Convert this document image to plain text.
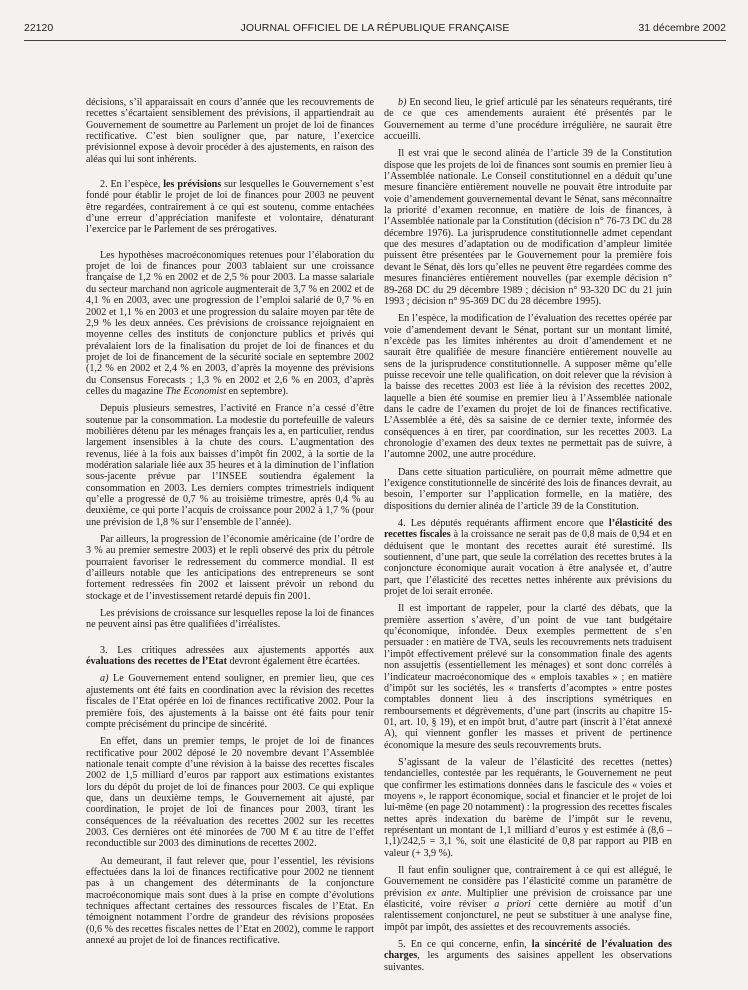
22120	JOURNAL OFFICIEL DE LA RÉPUBLIQUE FRANÇAISE	31 décembre 2002

décisions, s’il apparaissait en cours d’année que les recouvrements de recettes s’écartaient sensiblement des prévisions, il appartiendrait au Gouvernement de soumettre au Parlement un projet de loi de finances rectificative. C’est bien souligner que, par nature, l’exercice prévisionnel expose à devoir procéder à des ajustements, en raison des aléas qui lui sont inhérents.

2. En l’espèce, les prévisions sur lesquelles le Gouvernement s’est fondé pour établir le projet de loi de finances pour 2003 ne peuvent être regardées, contrairement à ce qui est soutenu, comme entachées d’une erreur d’appréciation manifeste et volontaire, dénaturant l’exercice par le Parlement de ses prérogatives.

Les hypothèses macroéconomiques retenues pour l’élaboration du projet de loi de finances pour 2003 tablaient sur une croissance française de 1,2 % en 2002 et de 2,5 % pour 2003. La masse salariale du secteur marchand non agricole augmenterait de 3,7 % en 2002 et de 4,1 % en 2003, avec une progression de l’emploi salarié de 0,7 % en 2002 et 1,1 % en 2003 et une progression du salaire moyen par tête de 2,9 % les deux années. Ces prévisions de croissance rejoignaient en moyenne celles des instituts de conjoncture publics et privés qui prévalaient lors de la finalisation du projet de loi de finances et du projet de loi de financement de la sécurité sociale en septembre 2002 (1,2 % en 2002 et 2,4 % en 2003, d’après la moyenne des prévisions du Consensus Forecasts ; 1,3 % en 2002 et 2,6 % en 2003, d’après celles du magazine The Economist en septembre).

Depuis plusieurs semestres, l’activité en France n’a cessé d’être soutenue par la consommation. La modestie du portefeuille de valeurs mobilières détenu par les ménages français les a, en particulier, rendus largement insensibles à la chute des cours. L’augmentation des revenus, liée à la fois aux baisses d’impôt fin 2002, à la sortie de la modération salariale liée aux 35 heures et à la diminution de l’inflation sous-jacente prévue par l’INSEE soutiendra également la consommation en 2003. Les derniers comptes trimestriels indiquent qu’elle a progressé de 0,7 % au troisième trimestre, après 0,4 % au deuxième, ce qui porte l’acquis de croissance pour 2002 à 1,7 % (pour une prévision de 1,8 % sur l’ensemble de l’année).

Par ailleurs, la progression de l’économie américaine (de l’ordre de 3 % au premier semestre 2003) et le repli observé des prix du pétrole pourraient favoriser le redressement du commerce mondial. Il est d’ailleurs notable que les anticipations des entrepreneurs se sont fortement redressées fin 2002 et laissent prévoir un rebond du stockage et de l’investissement retardé depuis fin 2001.

Les prévisions de croissance sur lesquelles repose la loi de finances ne peuvent ainsi pas être qualifiées d’irréalistes.

3. Les critiques adressées aux ajustements apportés aux évaluations des recettes de l’Etat devront également être écartées.

a) Le Gouvernement entend souligner, en premier lieu, que ces ajustements ont été faits en coordination avec la révision des recettes fiscales de l’Etat opérée en loi de finances rectificative 2002. Pour la première fois, des ajustements à la baisse ont été faits pour tenir compte précisément du principe de sincérité.

En effet, dans un premier temps, le projet de loi de finances rectificative pour 2002 déposé le 20 novembre devant l’Assemblée nationale tenait compte d’une révision à la baisse des recettes fiscales 2002 de 1,5 milliard d’euros par rapport aux estimations existantes lors du dépôt du projet de loi de finances pour 2003. Ce qui explique que, dans un deuxième temps, le Gouvernement ait ajusté, par coordination, le projet de loi de finances pour 2003, tirant les conséquences de la réévaluation des recettes 2002 sur les recettes 2003. Ces dernières ont été minorées de 700 M € au titre de l’effet reconductible sur 2003 des diminutions de recettes 2002.

Au demeurant, il faut relever que, pour l’essentiel, les révisions effectuées dans la loi de finances rectificative pour 2002 ne tiennent pas à un changement des déterminants de la conjoncture macroéconomique mais sont dues à la prise en compte d’évolutions techniques affectant certaines des ressources fiscales de l’Etat. En témoignent notamment l’ordre de grandeur des révisions proposées (0,6 % des recettes fiscales nettes de l’Etat en 2002), comme le rapport annexé au projet de loi de finances rectificative.

b) En second lieu, le grief articulé par les sénateurs requérants, tiré de ce que ces amendements auraient été présentés par le Gouvernement au terme d’une procédure irrégulière, ne saurait être accueilli.

Il est vrai que le second alinéa de l’article 39 de la Constitution dispose que les projets de loi de finances sont soumis en premier lieu à l’Assemblée nationale. Le Conseil constitutionnel en a déduit qu’une mesure financière entièrement nouvelle ne pouvait être introduite par voie d’amendement gouvernemental devant le Sénat, sans méconnaître la priorité d’examen reconnue, en matière de lois de finances, à l’Assemblée nationale par la Constitution (décision n° 76-73 DC du 28 décembre 1976). La jurisprudence constitutionnelle admet cependant que des mesures d’adaptation ou de modification d’ampleur limitée puissent être présentées par le Gouvernement pour la première fois devant le Sénat, dès lors qu’elles ne peuvent être regardées comme des mesures financières entièrement nouvelles (par exemple décision n° 89-268 DC du 29 décembre 1989 ; décision n° 93-320 DC du 21 juin 1993 ; décision n° 95-369 DC du 28 décembre 1995).

En l’espèce, la modification de l’évaluation des recettes opérée par voie d’amendement devant le Sénat, portant sur un montant limité, n’excède pas les limites inhérentes au droit d’amendement et ne saurait être qualifiée de mesure financière entièrement nouvelle au sens de la jurisprudence constitutionnelle. A supposer même qu’elle puisse recevoir une telle qualification, on doit relever que la révision à la baisse des recettes 2003 est liée à la révision des recettes 2002, laquelle a bien été soumise en premier lieu à l’Assemblée nationale dans le cadre de l’examen du projet de loi de finances rectificative. L’Assemblée a été, dès sa saisine de ce dernier texte, informée des conséquences à en tirer, par coordination, sur les recettes 2003. La chronologie d’examen des deux textes ne permettait pas de suivre, à l’automne 2002, une autre procédure.

Dans cette situation particulière, on pourrait même admettre que l’exigence constitutionnelle de sincérité des lois de finances devrait, au besoin, l’emporter sur l’application formelle, en la matière, des dispositions du dernier alinéa de l’article 39 de la Constitution.

4. Les députés requérants affirment encore que l’élasticité des recettes fiscales à la croissance ne serait pas de 0,8 mais de 0,94 et en déduisent que le montant des recettes aurait été surestimé. Ils soutiennent, d’une part, que seule la corrélation des recettes brutes à la conjoncture économique aurait vocation à être analysée et, d’autre part, que l’élasticité des recettes nettes inhérente aux prévisions du projet de loi serait erronée.

Il est important de rappeler, pour la clarté des débats, que la première assertion s’avère, d’un point de vue tant budgétaire qu’économique, infondée. Deux exemples permettent de s’en persuader : en matière de TVA, seuls les recouvrements nets traduisent l’impôt effectivement prélevé sur la consommation finale des agents non assujettis (essentiellement les ménages) et sont donc corrélés à l’indicateur macroéconomique des « emplois taxables » ; en matière d’impôt sur les sociétés, les « transferts d’acomptes » entre postes comptables donnent lieu à des inscriptions symétriques en remboursements et dégrèvements, d’une part (inscrits au chapitre 15-01, art. 10, § 19), et en impôt brut, d’autre part (inscrit à l’état annexé A), qui viennent gonfler les masses et privent de pertinence économique la mesure des seuls recouvrements bruts.

S’agissant de la valeur de l’élasticité des recettes (nettes) tendancielles, contestée par les requérants, le Gouvernement ne peut que confirmer les estimations données dans le fascicule des « voies et moyens », le rapport économique, social et financier et le projet de loi lui-même (en page 20 notamment) : la progression des recettes fiscales nettes après indexation du barème de l’impôt sur le revenu, représentant un montant de 1,1 milliard d’euros y est estimée à (8,6 – 1,1)/242,5 = 3,1 %, soit une élasticité de 0,8 par rapport au PIB en valeur (+ 3,9 %).

Il faut enfin souligner que, contrairement à ce qui est allégué, le Gouvernement ne considère pas l’élasticité comme un paramètre de prévision ex ante. Multiplier une prévision de croissance par une élasticité, voire réviser a priori cette dernière au motif d’un ralentissement conjoncturel, ne peut se substituer à une analyse fine, impôt par impôt, des assiettes et des recouvrements associés.

5. En ce qui concerne, enfin, la sincérité de l’évaluation des charges, les arguments des saisines appellent les observations suivantes.
